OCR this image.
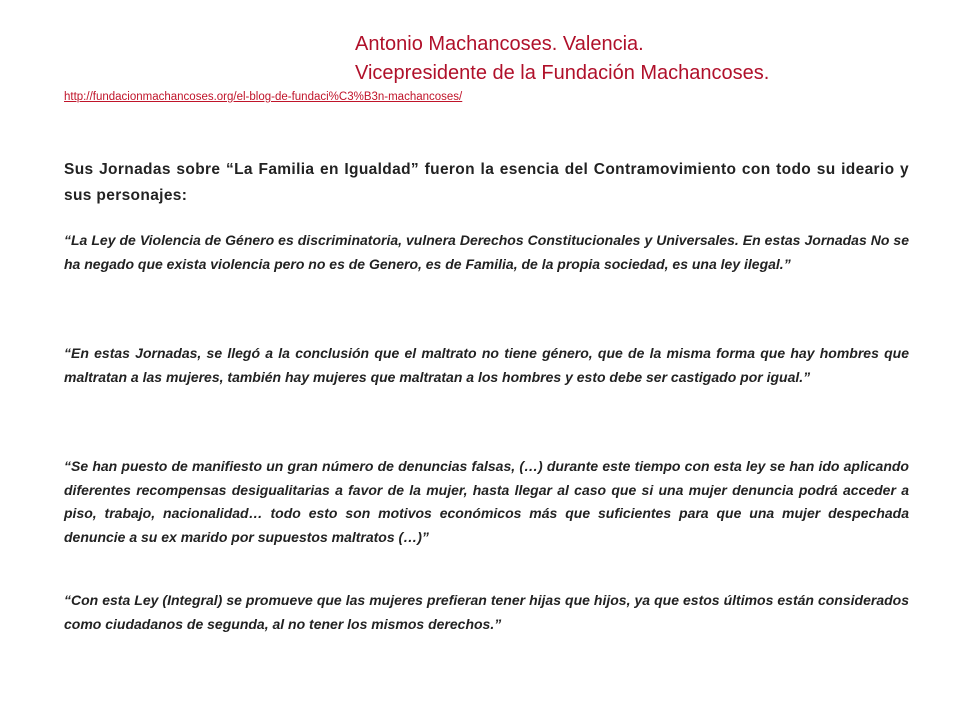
Antonio Machancoses. Valencia.
Vicepresidente de la Fundación Machancoses.
http://fundacionmachancoses.org/el-blog-de-fundaci%C3%B3n-machancoses/
Sus Jornadas sobre “La Familia en Igualdad” fueron la esencia del Contramovimiento con todo su ideario y sus personajes:
“La Ley de Violencia de Género es discriminatoria, vulnera Derechos Constitucionales y Universales. En estas Jornadas No se ha negado que exista violencia pero no es de Genero, es de Familia, de la propia sociedad, es una ley ilegal.”
“En estas Jornadas, se llegó a la conclusión que el maltrato no tiene género, que de la misma forma que hay hombres que maltratan a las mujeres, también hay mujeres que maltratan a los hombres y esto debe ser castigado por igual.”
“Se han puesto de manifiesto un gran número de denuncias falsas, (…) durante este tiempo con esta ley se han ido aplicando diferentes recompensas desigualitarias a favor de la mujer, hasta llegar al caso que si una mujer denuncia podrá acceder a piso, trabajo, nacionalidad… todo esto son motivos económicos más que suficientes para que una mujer despechada denuncie a su ex marido por supuestos maltratos (…)”
“Con esta Ley (Integral) se promueve que las mujeres prefieran tener hijas que hijos, ya que estos últimos están considerados como ciudadanos de segunda, al no tener los mismos derechos.”
